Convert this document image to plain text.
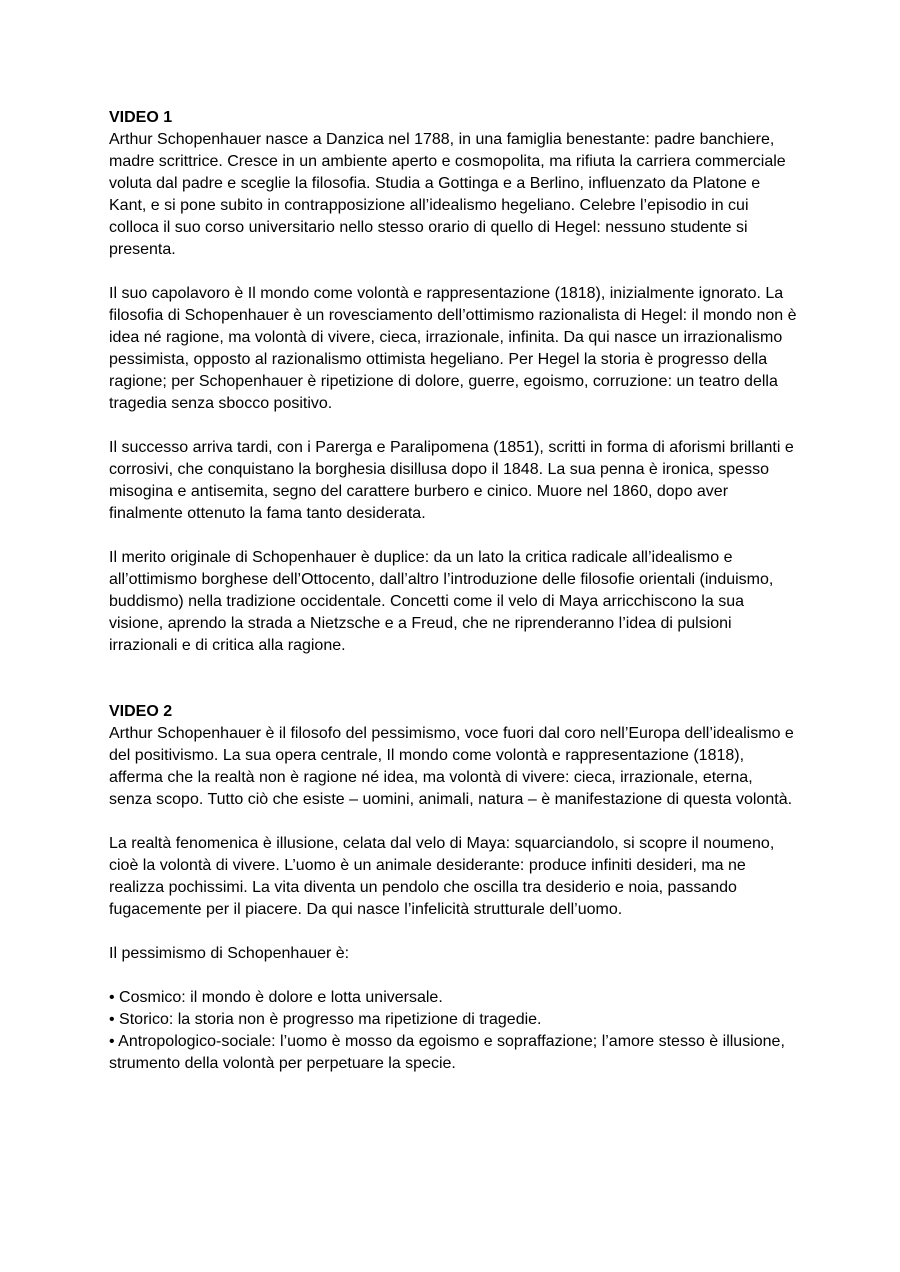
VIDEO 1

Arthur Schopenhauer nasce a Danzica nel 1788, in una famiglia benestante: padre banchiere, madre scrittrice. Cresce in un ambiente aperto e cosmopolita, ma rifiuta la carriera commerciale voluta dal padre e sceglie la filosofia. Studia a Gottinga e a Berlino, influenzato da Platone e Kant, e si pone subito in contrapposizione all’idealismo hegeliano. Celebre l’episodio in cui colloca il suo corso universitario nello stesso orario di quello di Hegel: nessuno studente si presenta.

Il suo capolavoro è Il mondo come volontà e rappresentazione (1818), inizialmente ignorato. La filosofia di Schopenhauer è un rovesciamento dell’ottimismo razionalista di Hegel: il mondo non è idea né ragione, ma volontà di vivere, cieca, irrazionale, infinita. Da qui nasce un irrazionalismo pessimista, opposto al razionalismo ottimista hegeliano. Per Hegel la storia è progresso della ragione; per Schopenhauer è ripetizione di dolore, guerre, egoismo, corruzione: un teatro della tragedia senza sbocco positivo.

Il successo arriva tardi, con i Parerga e Paralipomena (1851), scritti in forma di aforismi brillanti e corrosivi, che conquistano la borghesia disillusa dopo il 1848. La sua penna è ironica, spesso misogina e antisemita, segno del carattere burbero e cinico. Muore nel 1860, dopo aver finalmente ottenuto la fama tanto desiderata.

Il merito originale di Schopenhauer è duplice: da un lato la critica radicale all’idealismo e all’ottimismo borghese dell’Ottocento, dall’altro l’introduzione delle filosofie orientali (induismo, buddismo) nella tradizione occidentale. Concetti come il velo di Maya arricchiscono la sua visione, aprendo la strada a Nietzsche e a Freud, che ne riprenderanno l’idea di pulsioni irrazionali e di critica alla ragione.

VIDEO 2

Arthur Schopenhauer è il filosofo del pessimismo, voce fuori dal coro nell’Europa dell’idealismo e del positivismo. La sua opera centrale, Il mondo come volontà e rappresentazione (1818), afferma che la realtà non è ragione né idea, ma volontà di vivere: cieca, irrazionale, eterna, senza scopo. Tutto ciò che esiste – uomini, animali, natura – è manifestazione di questa volontà.

La realtà fenomenica è illusione, celata dal velo di Maya: squarciandolo, si scopre il noumeno, cioè la volontà di vivere. L’uomo è un animale desiderante: produce infiniti desideri, ma ne realizza pochissimi. La vita diventa un pendolo che oscilla tra desiderio e noia, passando fugacemente per il piacere. Da qui nasce l’infelicità strutturale dell’uomo.

Il pessimismo di Schopenhauer è:

• Cosmico: il mondo è dolore e lotta universale.
• Storico: la storia non è progresso ma ripetizione di tragedie.
• Antropologico-sociale: l’uomo è mosso da egoismo e sopraffazione; l’amore stesso è illusione, strumento della volontà per perpetuare la specie.
